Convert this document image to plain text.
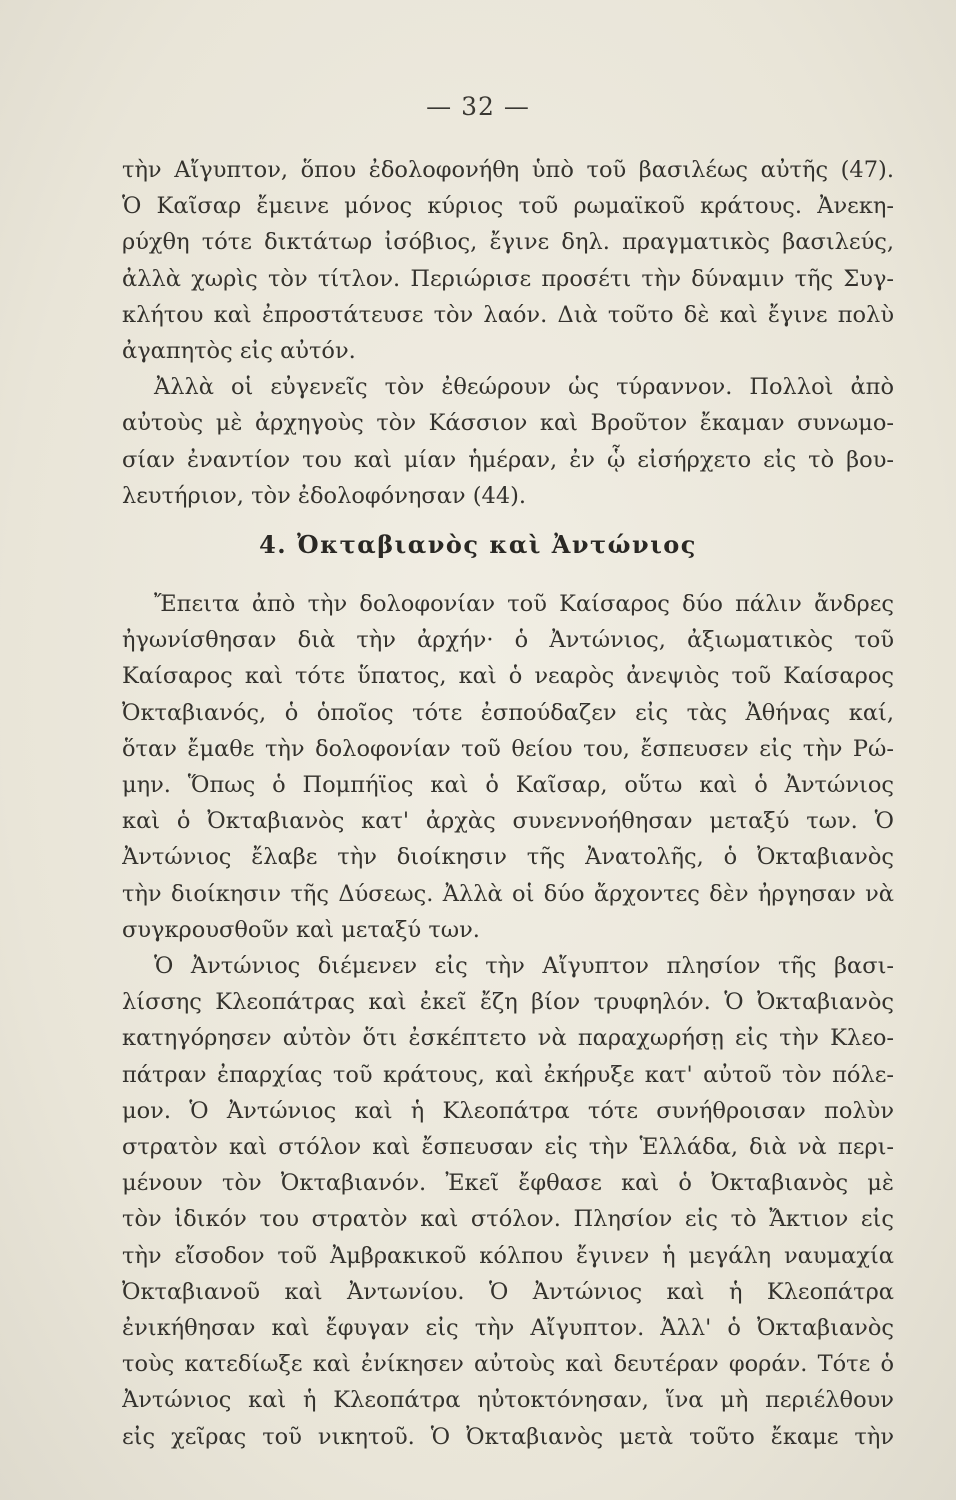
— 32 —
τὴν Αἴγυπτον, ὅπου ἐδολοφονήθη ὑπὸ τοῦ βασιλέως αὐτῆς (47).
Ὁ Καῖσαρ ἔμεινε μόνος κύριος τοῦ ρωμαϊκοῦ κράτους. Ἀνεκη-
ρύχθη τότε δικτάτωρ ἰσόβιος, ἔγινε δηλ. πραγματικὸς βασιλεύς,
ἀλλὰ χωρὶς τὸν τίτλον. Περιώρισε προσέτι τὴν δύναμιν τῆς Συγ-
κλήτου καὶ ἐπροστάτευσε τὸν λαόν. Διὰ τοῦτο δὲ καὶ ἔγινε πολὺ
ἀγαπητὸς εἰς αὐτόν.
Ἀλλὰ οἱ εὐγενεῖς τὸν ἐθεώρουν ὡς τύραννον. Πολλοὶ ἀπὸ
αὐτοὺς μὲ ἀρχηγοὺς τὸν Κάσσιον καὶ Βροῦτον ἔκαμαν συνωμο-
σίαν ἐναντίον του καὶ μίαν ἡμέραν, ἐν ᾧ εἰσήρχετο εἰς τὸ βου-
λευτήριον, τὸν ἐδολοφόνησαν (44).
4. Ὀκταβιανὸς καὶ Ἀντώνιος
Ἔπειτα ἀπὸ τὴν δολοφονίαν τοῦ Καίσαρος δύο πάλιν ἄνδρες
ἠγωνίσθησαν διὰ τὴν ἀρχήν· ὁ Ἀντώνιος, ἀξιωματικὸς τοῦ
Καίσαρος καὶ τότε ὕπατος, καὶ ὁ νεαρὸς ἀνεψιὸς τοῦ Καίσαρος
Ὀκταβιανός, ὁ ὁποῖος τότε ἐσπούδαζεν εἰς τὰς Ἀθήνας καί,
ὅταν ἔμαθε τὴν δολοφονίαν τοῦ θείου του, ἔσπευσεν εἰς τὴν Ρώ-
μην. Ὅπως ὁ Πομπήϊος καὶ ὁ Καῖσαρ, οὕτω καὶ ὁ Ἀντώνιος
καὶ ὁ Ὀκταβιανὸς κατ' ἀρχὰς συνεννοήθησαν μεταξύ των. Ὁ
Ἀντώνιος ἔλαβε τὴν διοίκησιν τῆς Ἀνατολῆς, ὁ Ὀκταβιανὸς
τὴν διοίκησιν τῆς Δύσεως. Ἀλλὰ οἱ δύο ἄρχοντες δὲν ἠργησαν νὰ
συγκρουσθοῦν καὶ μεταξύ των.
Ὁ Ἀντώνιος διέμενεν εἰς τὴν Αἴγυπτον πλησίον τῆς βασι-
λίσσης Κλεοπάτρας καὶ ἐκεῖ ἔζη βίον τρυφηλόν. Ὁ Ὀκταβιανὸς
κατηγόρησεν αὐτὸν ὅτι ἐσκέπτετο νὰ παραχωρήσῃ εἰς τὴν Κλεο-
πάτραν ἐπαρχίας τοῦ κράτους, καὶ ἐκήρυξε κατ' αὐτοῦ τὸν πόλε-
μον. Ὁ Ἀντώνιος καὶ ἡ Κλεοπάτρα τότε συνήθροισαν πολὺν
στρατὸν καὶ στόλον καὶ ἔσπευσαν εἰς τὴν Ἑλλάδα, διὰ νὰ περι-
μένουν τὸν Ὀκταβιανόν. Ἐκεῖ ἔφθασε καὶ ὁ Ὀκταβιανὸς μὲ
τὸν ἰδικόν του στρατὸν καὶ στόλον. Πλησίον εἰς τὸ Ἄκτιον εἰς
τὴν εἴσοδον τοῦ Ἀμβρακικοῦ κόλπου ἔγινεν ἡ μεγάλη ναυμαχία
Ὀκταβιανοῦ καὶ Ἀντωνίου. Ὁ Ἀντώνιος καὶ ἡ Κλεοπάτρα
ἐνικήθησαν καὶ ἔφυγαν εἰς τὴν Αἴγυπτον. Ἀλλ' ὁ Ὀκταβιανὸς
τοὺς κατεδίωξε καὶ ἐνίκησεν αὐτοὺς καὶ δευτέραν φοράν. Τότε ὁ
Ἀντώνιος καὶ ἡ Κλεοπάτρα ηὐτοκτόνησαν, ἵνα μὴ περιέλθουν
εἰς χεῖρας τοῦ νικητοῦ. Ὁ Ὀκταβιανὸς μετὰ τοῦτο ἔκαμε τὴν
